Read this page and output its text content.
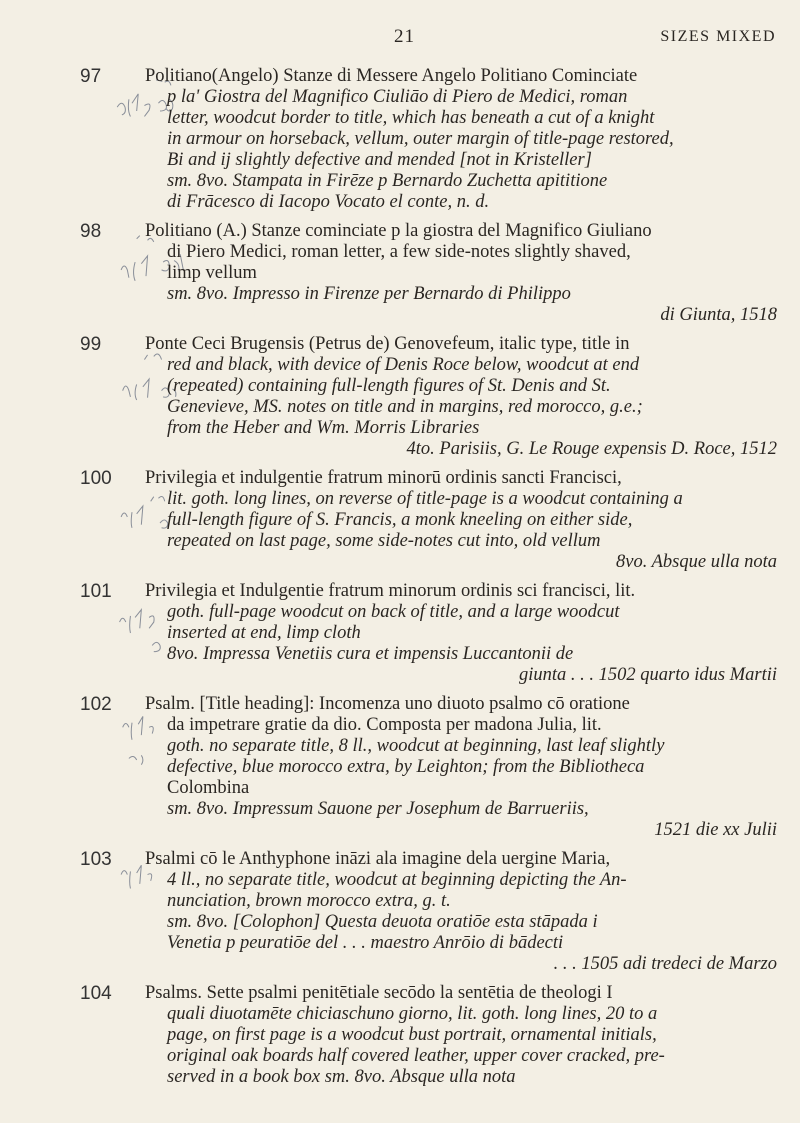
21	SIZES MIXED
97	Politiano(Angelo) Stanze di Messere Angelo Politiano Cominciate
p la' Giostra del Magnifico Ciuliāo di Piero de Medici, roman
letter, woodcut border to title, which has beneath a cut of a knight
in armour on horseback, vellum, outer margin of title-page restored,
Bi and ij slightly defective and mended [not in Kristeller]
sm. 8vo. Stampata in Firēze p Bernardo Zuchetta apititione
di Frācesco di Iacopo Vocato el conte, n. d.
98	Politiano (A.) Stanze cominciate p la giostra del Magnifico Giuliano
di Piero Medici, roman letter, a few side-notes slightly shaved,
limp vellum
sm. 8vo. Impresso in Firenze per Bernardo di Philippo
di Giunta, 1518
99	Ponte Ceci Brugensis (Petrus de) Genovefeum, italic type, title in
red and black, with device of Denis Roce below, woodcut at end
(repeated) containing full-length figures of St. Denis and St.
Genevieve, MS. notes on title and in margins, red morocco, g.e.;
from the Heber and Wm. Morris Libraries
4to. Parisiis, G. Le Rouge expensis D. Roce, 1512
100	Privilegia et indulgentie fratrum minorū ordinis sancti Francisci,
lit. goth. long lines, on reverse of title-page is a woodcut containing a
full-length figure of S. Francis, a monk kneeling on either side,
repeated on last page, some side-notes cut into, old vellum
8vo. Absque ulla nota
101	Privilegia et Indulgentie fratrum minorum ordinis sci francisci, lit.
goth. full-page woodcut on back of title, and a large woodcut
inserted at end, limp cloth
8vo. Impressa Venetiis cura et impensis Luccantonii de
giunta . . . 1502 quarto idus Martii
102	Psalm. [Title heading]: Incomenza uno diuoto psalmo cō oratione
da impetrare gratie da dio. Composta per madona Julia, lit.
goth. no separate title, 8 ll., woodcut at beginning, last leaf slightly
defective, blue morocco extra, by Leighton; from the Bibliotheca
Colombina
sm. 8vo. Impressum Sauone per Josephum de Barrueriis,
1521 die xx Julii
103	Psalmi cō le Anthyphone ināzi ala imagine dela uergine Maria,
4 ll., no separate title, woodcut at beginning depicting the An-
nunciation, brown morocco extra, g. t.
sm. 8vo. [Colophon] Questa deuota oratiōe esta stāpada i
Venetia p peuratiōe del . . . maestro Anrōio di bādecti
. . . 1505 adi tredeci de Marzo
104	Psalms. Sette psalmi penitētiale secōdo la sentētia de theologi I
quali diuotamēte chiciaschuno giorno, lit. goth. long lines, 20 to a
page, on first page is a woodcut bust portrait, ornamental initials,
original oak boards half covered leather, upper cover cracked, pre-
served in a book box sm. 8vo. Absque ulla nota
